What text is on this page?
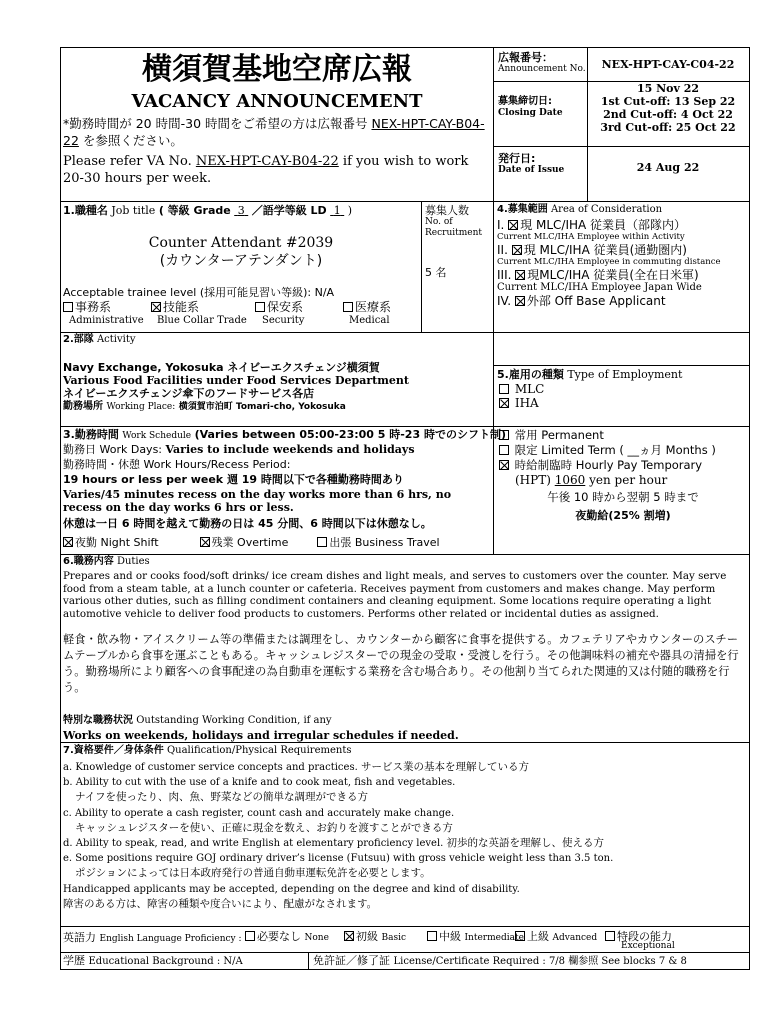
横須賀基地空席広報
VACANCY ANNOUNCEMENT
*勤務時間が 20 時間-30 時間をご希望の方は広報番号 NEX-HPT-CAY-B04-22 を参照ください。
Please refer VA No. NEX-HPT-CAY-B04-22 if you wish to work 20-30 hours per week.
広報番号：
Announcement No.	NEX-HPT-CAY-C04-22
募集締切日:
Closing Date
15 Nov 22
1st Cut-off: 13 Sep 22
2nd Cut-off: 4 Oct 22
3rd Cut-off: 25 Oct 22
発行日:
Date of Issue	24 Aug 22
1.職種名 Job title ( 等級 Grade 3 ／語学等級 LD 1 )
Counter Attendant #2039
(カウンターアテンダント)
Acceptable trainee level (採用可能見習い等級): N/A
事務系
Administrative
技能系
Blue Collar Trade
保安系
Security
医療系
Medical
募集人数
No. of Recruitment
5 名
4.募集範囲 Area of Consideration
I. 現 MLC/IHA 従業員（部隊内）
Current MLC/IHA Employee within Activity
II. 現 MLC/IHA 従業員(通勤圏内)
Current MLC/IHA Employee in commuting distance
III. 現MLC/IHA 従業員(全在日米軍)
Current MLC/IHA Employee Japan Wide
IV. 外部 Off Base Applicant
2.部隊 Activity
Navy Exchange, Yokosuka ネイビーエクスチェンジ横須賀
Various Food Facilities under Food Services Department
ネイビーエクスチェンジ傘下のフードサービス各店
勤務場所 Working Place: 横須賀市泊町 Tomari-cho, Yokosuka
5.雇用の種類 Type of Employment
MLC
IHA
常用 Permanent
限定 Limited Term ( __ヵ月 Months )
時給制臨時 Hourly Pay Temporary
(HPT) 1060 yen per hour
午後 10 時から翌朝 5 時まで
夜勤給(25% 割増)
3.勤務時間 Work Schedule (Varies between 05:00-23:00 5 時-23 時でのシフト制)
勤務日 Work Days: Varies to include weekends and holidays
勤務時間・休憩 Work Hours/Recess Period:
19 hours or less per week 週 19 時間以下で各種勤務時間あり
Varies/45 minutes recess on the day works more than 6 hrs, no recess on the day works 6 hrs or less.
休憩は一日 6 時間を越えて勤務の日は 45 分間、6 時間以下は休憩なし。
夜勤 Night Shift	残業 Overtime	出張 Business Travel
6.職務内容 Duties
Prepares and or cooks food/soft drinks/ ice cream dishes and light meals, and serves to customers over the counter. May serve food from a steam table, at a lunch counter or cafeteria. Receives payment from customers and makes change. May perform various other duties, such as filling condiment containers and cleaning equipment. Some locations require operating a light automotive vehicle to deliver food products to customers. Performs other related or incidental duties as assigned.
軽食・飲み物・アイスクリーム等の準備または調理をし、カウンターから顧客に食事を提供する。カフェテリアやカウンターのスチームテーブルから食事を運ぶこともある。キャッシュレジスターでの現金の受取・受渡しを行う。その他調味料の補充や器具の清掃を行う。勤務場所により顧客への食事配達の為自動車を運転する業務を含む場合あり。その他割り当てられた関連的又は付随的職務を行う。
特別な職務状況 Outstanding Working Condition, if any
Works on weekends, holidays and irregular schedules if needed.
7.資格要件／身体条件 Qualification/Physical Requirements
a. Knowledge of customer service concepts and practices. サービス業の基本を理解している方
b. Ability to cut with the use of a knife and to cook meat, fish and vegetables.
ナイフを使ったり、肉、魚、野菜などの簡単な調理ができる方
c. Ability to operate a cash register, count cash and accurately make change.
キャッシュレジスターを使い、正確に現金を数え、お釣りを渡すことができる方
d. Ability to speak, read, and write English at elementary proficiency level. 初歩的な英語を理解し、使える方
e. Some positions require GOJ ordinary driver’s license (Futsuu) with gross vehicle weight less than 3.5 ton.
ポジションによっては日本政府発行の普通自動車運転免許を必要とします。
Handicapped applicants may be accepted, depending on the degree and kind of disability.
障害のある方は、障害の種類や度合いにより、配慮がなされます。
英語力 English Language Proficiency :	必要なし None	初級 Basic	中級 Intermediate 上級 Advanced	特段の能力
Exceptional
学歴 Educational Background : N/A	免許証／修了証 License/Certificate Required : 7/8 欄参照 See blocks 7 & 8
